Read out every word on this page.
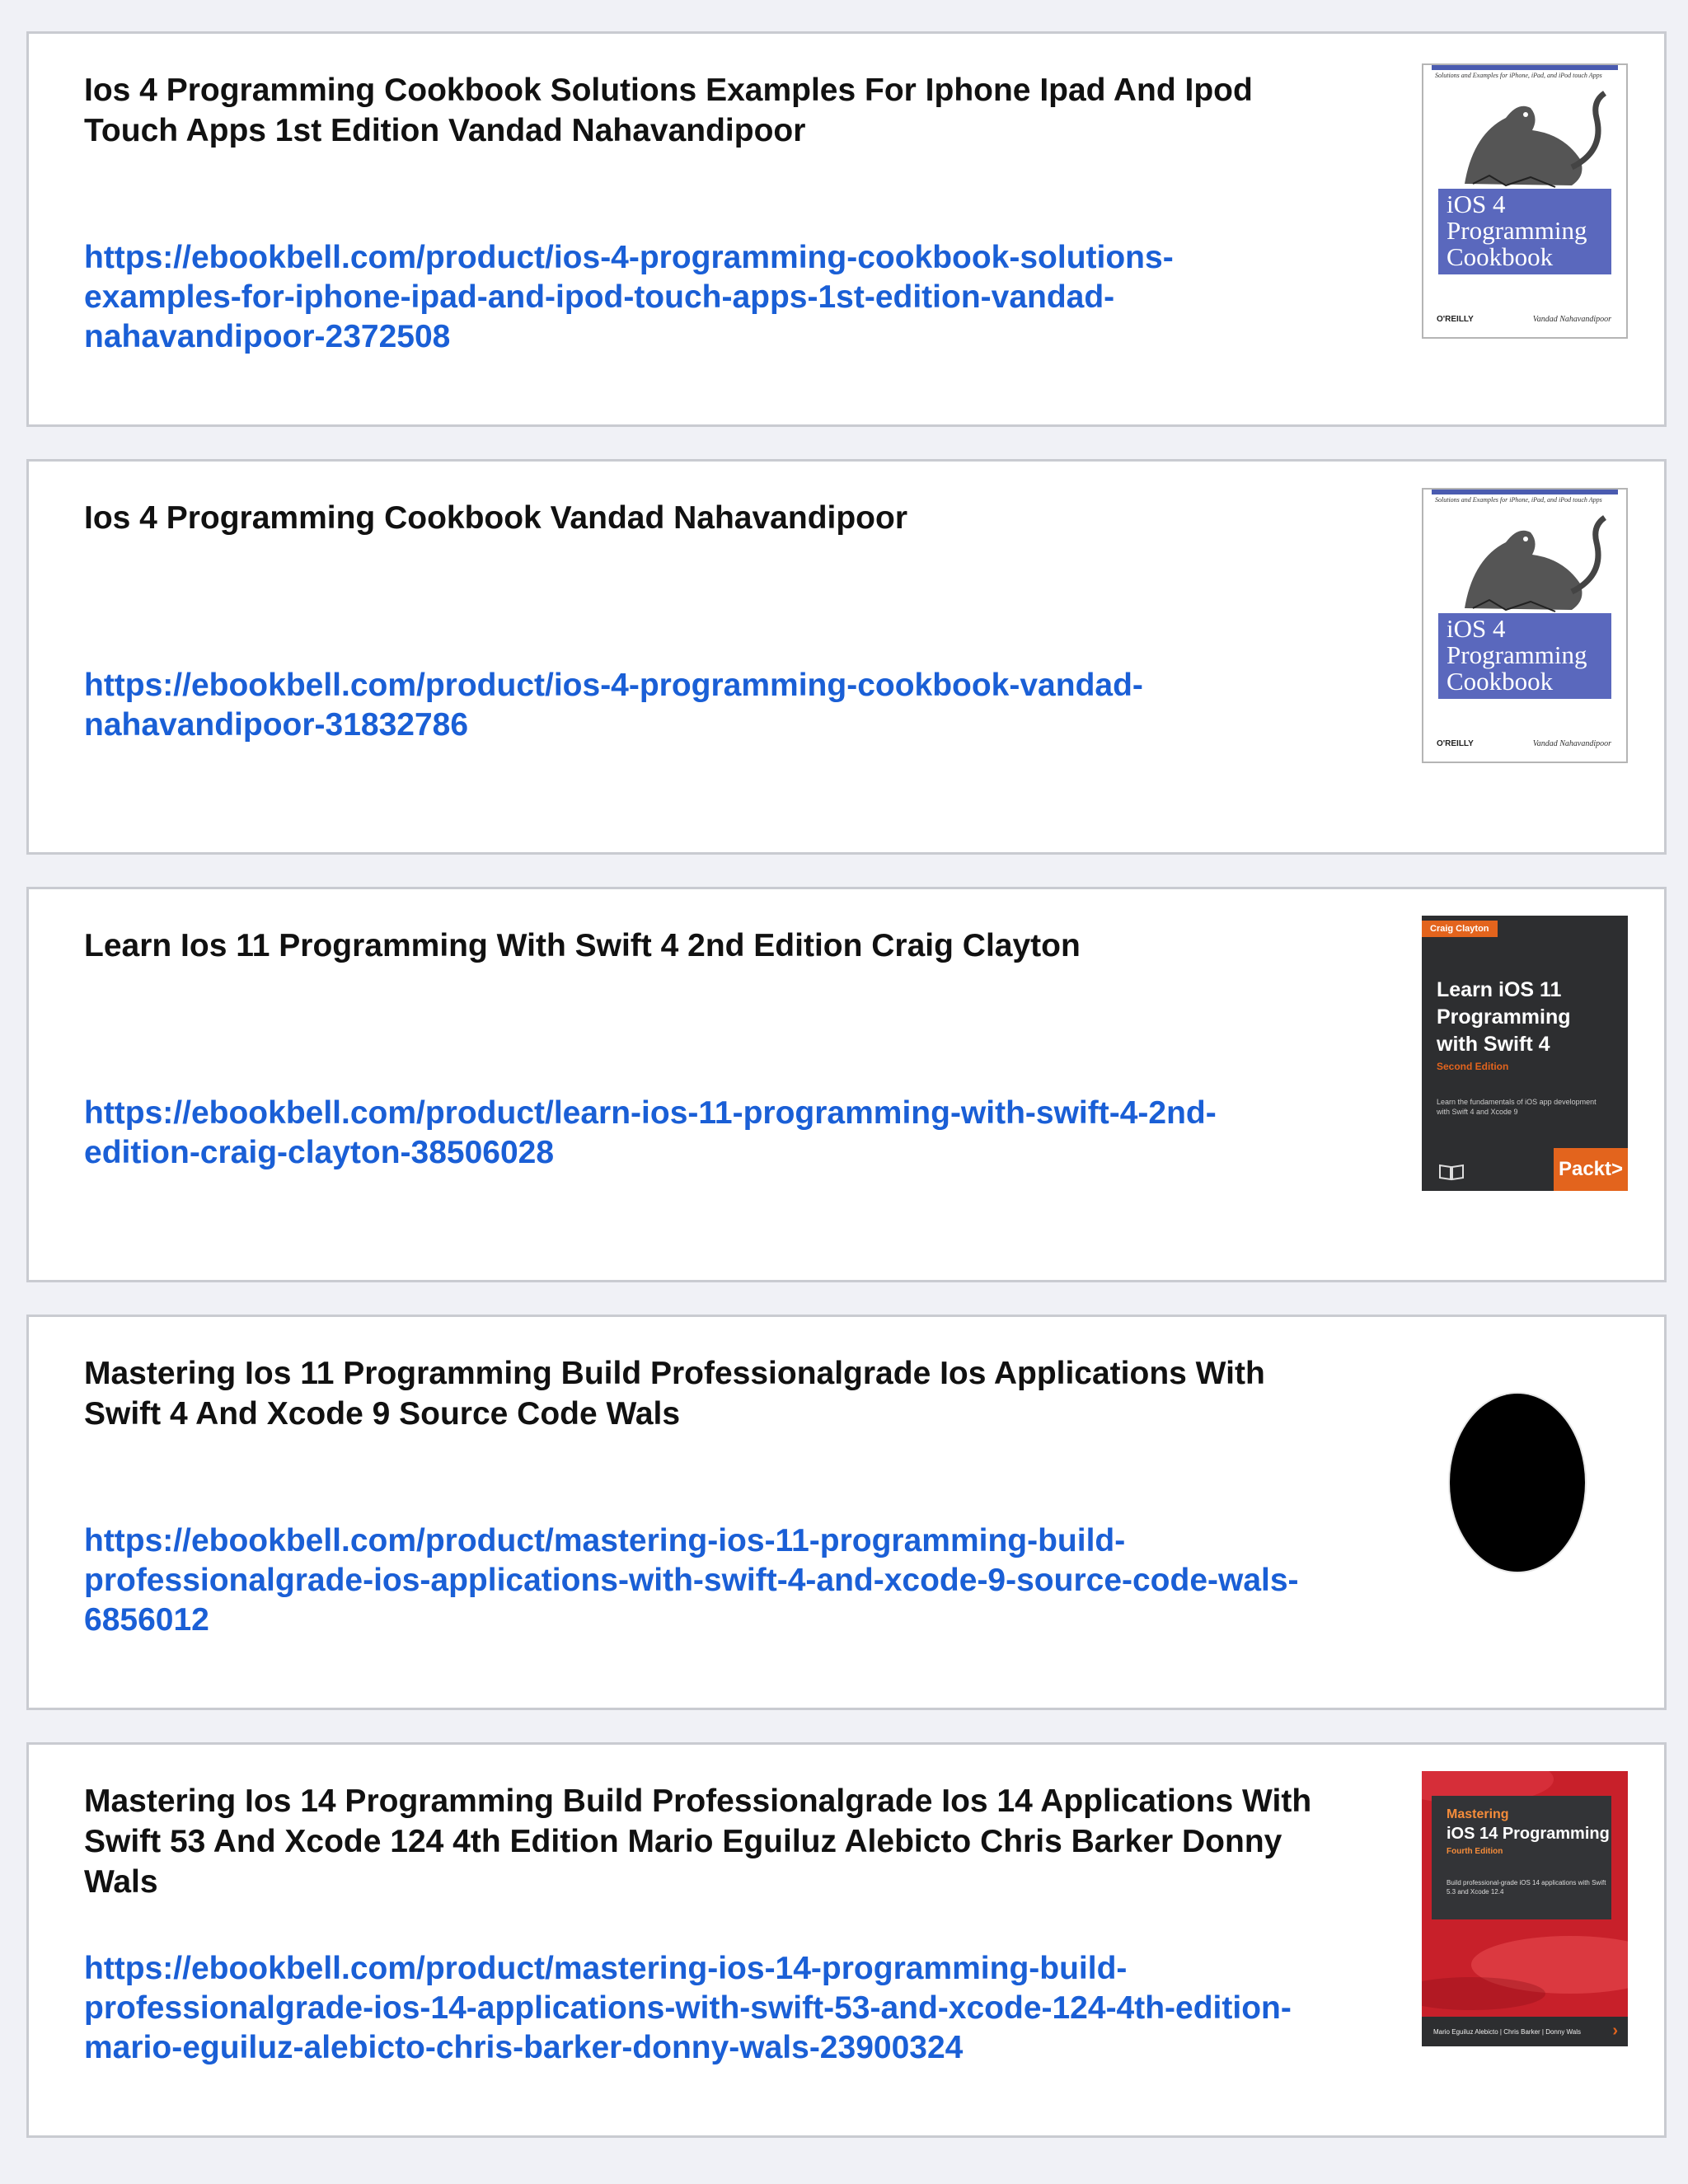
Ios 4 Programming Cookbook Solutions Examples For Iphone Ipad And Ipod Touch Apps 1st Edition Vandad Nahavandipoor
https://ebookbell.com/product/ios-4-programming-cookbook-solutions-examples-for-iphone-ipad-and-ipod-touch-apps-1st-edition-vandad-nahavandipoor-2372508
Solutions and Examples for iPhone, iPad, and iPod touch Apps
iOS 4
Programming
Cookbook
O'REILLY	Vandad Nahavandipoor
Ios 4 Programming Cookbook Vandad Nahavandipoor
https://ebookbell.com/product/ios-4-programming-cookbook-vandad-nahavandipoor-31832786
Solutions and Examples for iPhone, iPad, and iPod touch Apps
iOS 4
Programming
Cookbook
O'REILLY	Vandad Nahavandipoor
Learn Ios 11 Programming With Swift 4 2nd Edition Craig Clayton
https://ebookbell.com/product/learn-ios-11-programming-with-swift-4-2nd-edition-craig-clayton-38506028
Craig Clayton
Learn iOS 11
Programming
with Swift 4
Second Edition
Learn the fundamentals of iOS app development with Swift 4 and Xcode 9
Packt>
Mastering Ios 11 Programming Build Professionalgrade Ios Applications With Swift 4 And Xcode 9 Source Code Wals
https://ebookbell.com/product/mastering-ios-11-programming-build-professionalgrade-ios-applications-with-swift-4-and-xcode-9-source-code-wals-6856012
Mastering Ios 14 Programming Build Professionalgrade Ios 14 Applications With Swift 53 And Xcode 124 4th Edition Mario Eguiluz Alebicto Chris Barker Donny Wals
https://ebookbell.com/product/mastering-ios-14-programming-build-professionalgrade-ios-14-applications-with-swift-53-and-xcode-124-4th-edition-mario-eguiluz-alebicto-chris-barker-donny-wals-23900324
Mastering
iOS 14 Programming
Fourth Edition
Build professional-grade iOS 14 applications with Swift 5.3 and Xcode 12.4
Mario Eguiluz Alebicto | Chris Barker | Donny Wals ›
